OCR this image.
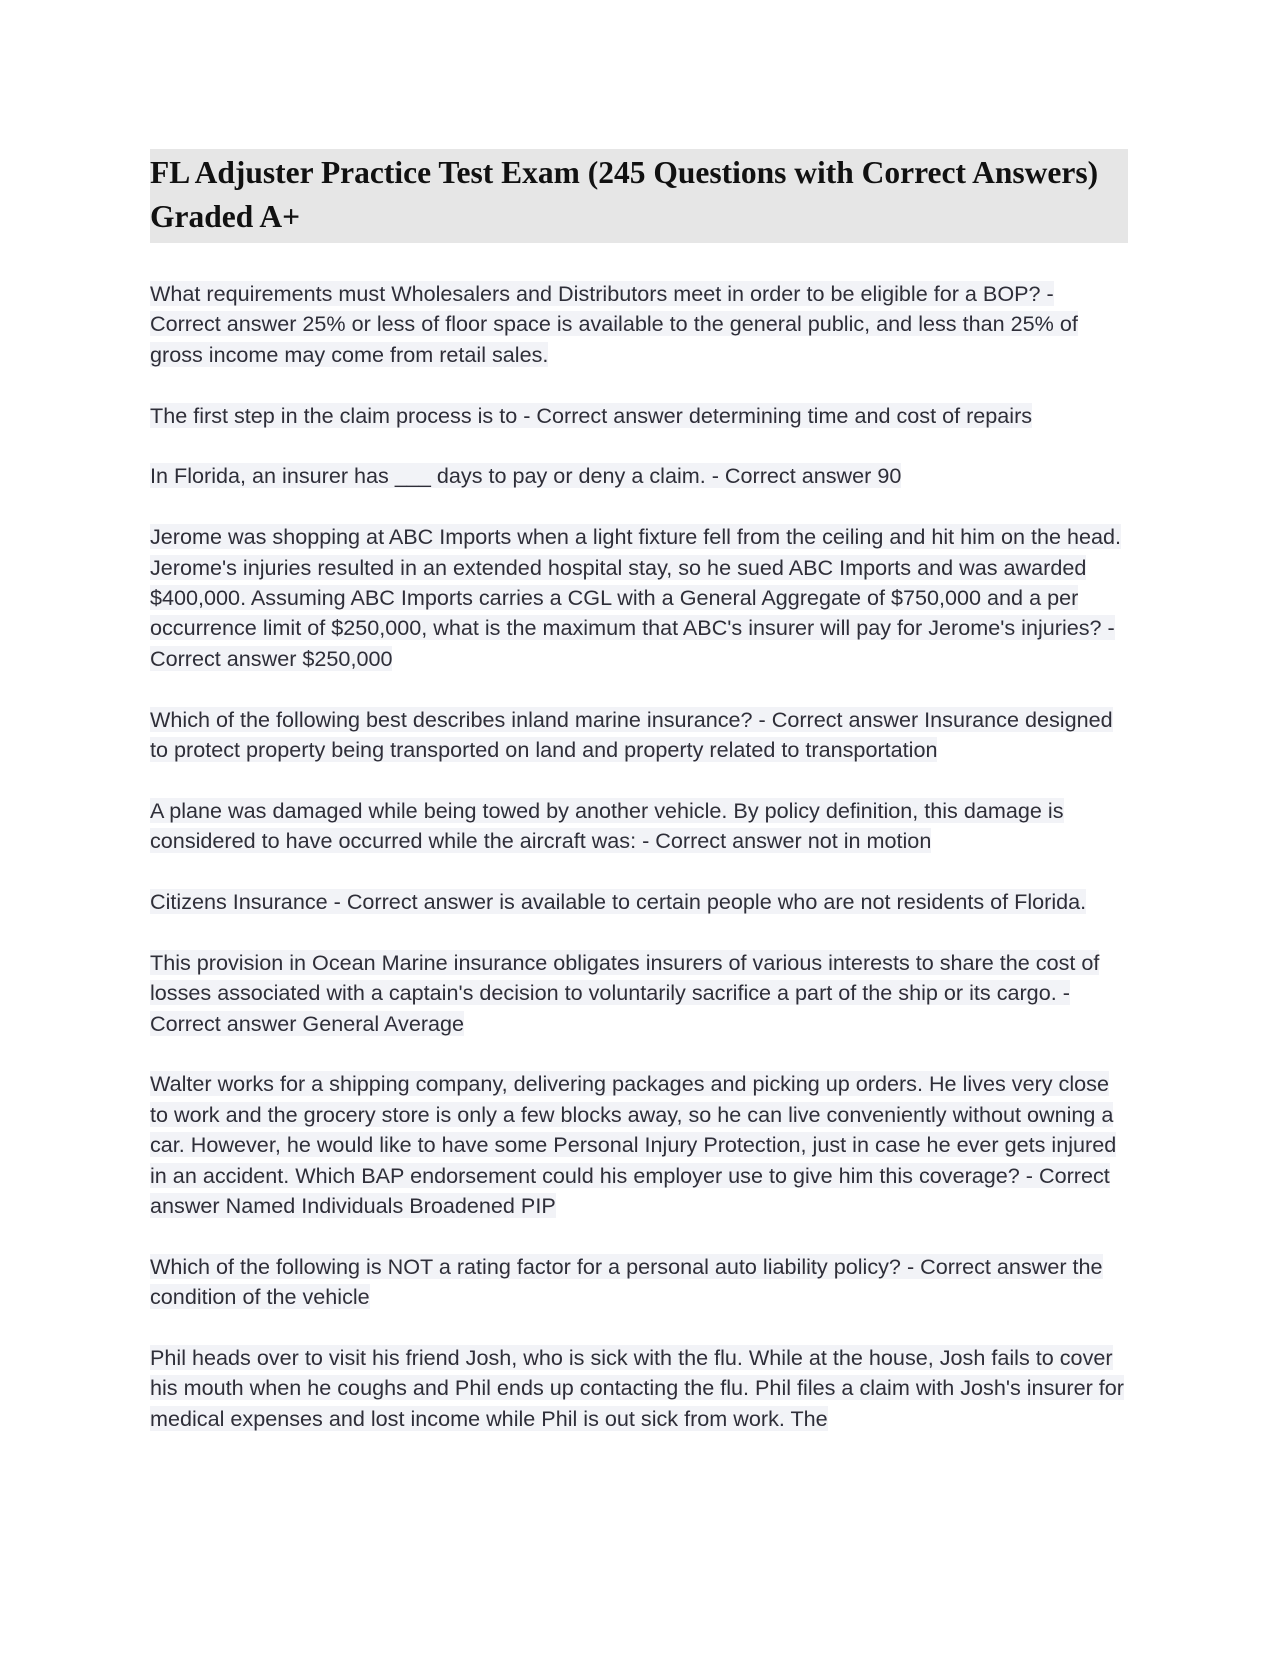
FL Adjuster Practice Test Exam (245 Questions with Correct Answers) Graded A+

What requirements must Wholesalers and Distributors meet in order to be eligible for a BOP? - Correct answer 25% or less of floor space is available to the general public, and less than 25% of gross income may come from retail sales.

The first step in the claim process is to - Correct answer determining time and cost of repairs

In Florida, an insurer has ___ days to pay or deny a claim. - Correct answer 90

Jerome was shopping at ABC Imports when a light fixture fell from the ceiling and hit him on the head. Jerome's injuries resulted in an extended hospital stay, so he sued ABC Imports and was awarded $400,000. Assuming ABC Imports carries a CGL with a General Aggregate of $750,000 and a per occurrence limit of $250,000, what is the maximum that ABC's insurer will pay for Jerome's injuries? - Correct answer $250,000

Which of the following best describes inland marine insurance? - Correct answer Insurance designed to protect property being transported on land and property related to transportation

A plane was damaged while being towed by another vehicle. By policy definition, this damage is considered to have occurred while the aircraft was: - Correct answer not in motion

Citizens Insurance - Correct answer is available to certain people who are not residents of Florida.

This provision in Ocean Marine insurance obligates insurers of various interests to share the cost of losses associated with a captain's decision to voluntarily sacrifice a part of the ship or its cargo. - Correct answer General Average

Walter works for a shipping company, delivering packages and picking up orders. He lives very close to work and the grocery store is only a few blocks away, so he can live conveniently without owning a car. However, he would like to have some Personal Injury Protection, just in case he ever gets injured in an accident. Which BAP endorsement could his employer use to give him this coverage? - Correct answer Named Individuals Broadened PIP

Which of the following is NOT a rating factor for a personal auto liability policy? - Correct answer the condition of the vehicle

Phil heads over to visit his friend Josh, who is sick with the flu. While at the house, Josh fails to cover his mouth when he coughs and Phil ends up contacting the flu. Phil files a claim with Josh's insurer for medical expenses and lost income while Phil is out sick from work. The
